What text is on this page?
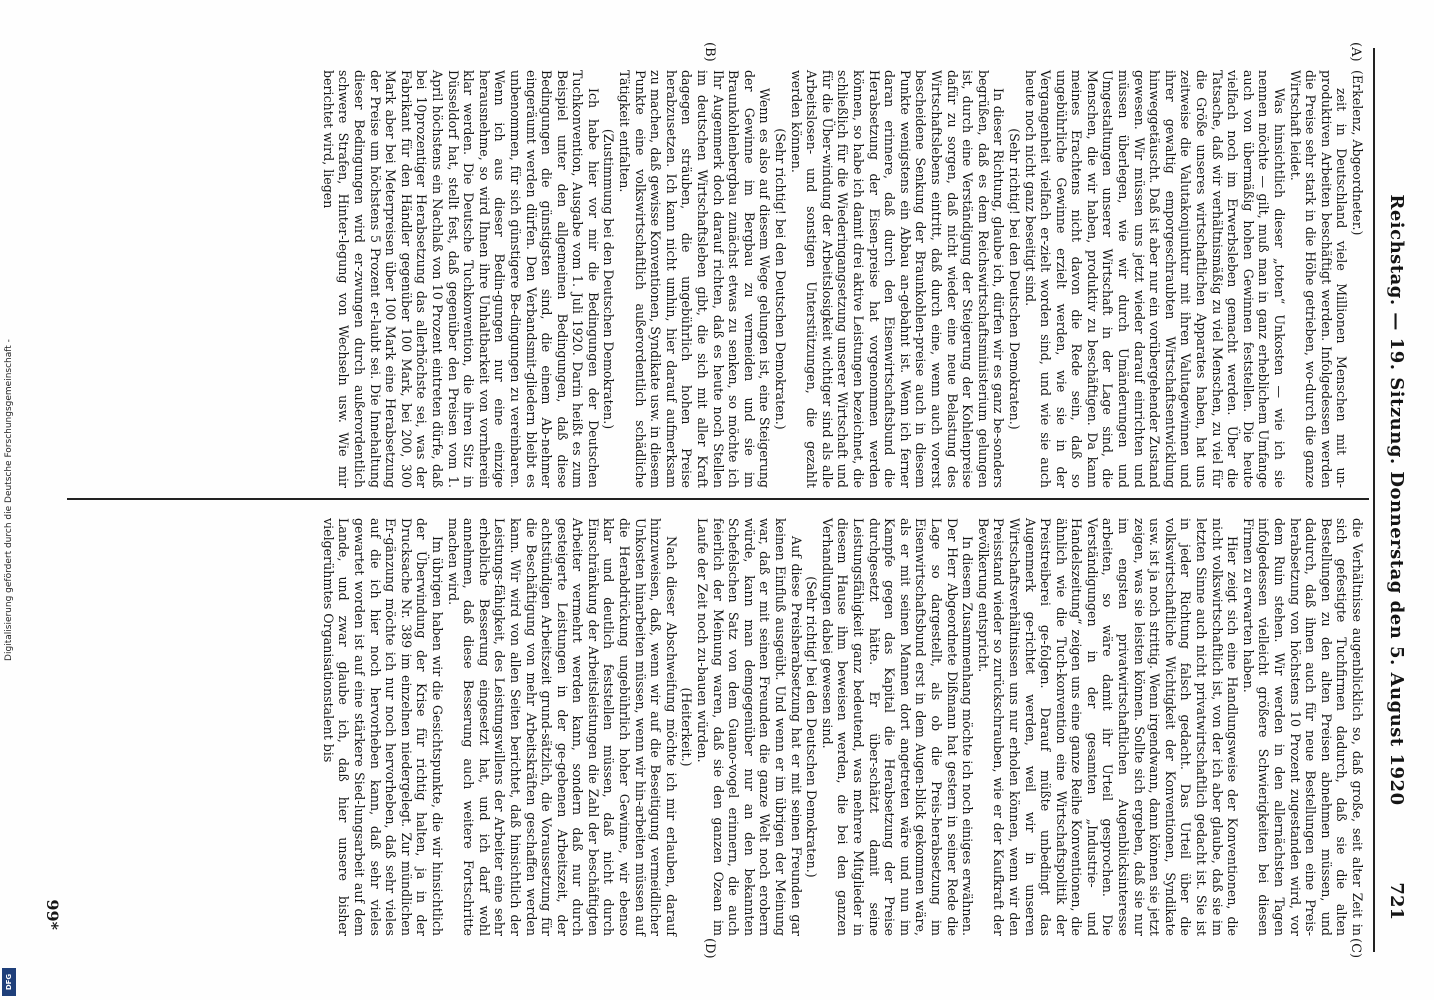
Digitalisierung gefördert durch die Deutsche Forschungsgemeinschaft -
DFG
Reichstag. — 19. Sitzung. Donnerstag den 5. August 1920
721
(A)
(B)
(C)
(D)

(Erkelenz, Abgeordneter.)

zeit in Deutschland viele Millionen Menschen mit un-produktiven Arbeiten beschäftigt werden. Infolgedessen werden die Preise sehr stark in die Höhe getrieben, wo-durch die ganze Wirtschaft leidet.

Was hinsichtlich dieser „toten“ Unkosten — wie ich sie nennen möchte — gilt, muß man in ganz erheblichem Umfange auch von übermäßig hohen Gewinnen feststellen. Die heute vielfach noch im Erwerbsleben gemacht werden. Über die Tatsache, daß wir verhältnismäßig zu viel Menschen, zu viel für die Größe unseres wirtschaftlichen Apparates haben, hat uns zeitweise die Valutakonjunktur mit ihren Valutagewinnen und ihrer gewaltig emporgeschraubten Wirtschaftsentwicklung hinweggetäuscht. Daß ist aber nur ein vorübergehender Zustand gewesen. Wir müssen uns jetzt wieder darauf einrichten und müssen überlegen, wie wir durch Umänderungen und Umgestaltungen unserer Wirtschaft in der Lage sind, die Menschen, die wir haben, produktiv zu beschäftigen. Da kann meines Erachtens nicht davon die Rede sein, daß so ungebührliche Gewinne erzielt werden, wie sie in der Vergangenheit vielfach er-zielt worden sind, und wie sie auch heute noch nicht ganz beseitigt sind.

(Sehr richtig! bei den Deutschen Demokraten.)

In dieser Richtung, glaube ich, dürfen wir es ganz be-sonders begrüßen, daß es dem Reichswirtschaftsministerium gelungen ist, durch eine Verständigung der Steigerung der Kohlenpreise dafür zu sorgen, daß nicht wieder eine neue Belastung des Wirtschaftslebens eintritt, daß durch eine, wenn auch vorerst bescheidene Senkung der Braunkohlen-preise auch in diesem Punkte wenigstens ein Abbau an-gebahnt ist. Wenn ich ferner daran erinnere, daß durch den Eisenwirtschaftsbund die Herabsetzung der Eisen-preise hat vorgenommen werden können, so habe ich damit drei aktive Leistungen bezeichnet, die schließlich für die Wiederingangsetzung unserer Wirtschaft und für die Über-windung der Arbeitslosigkeit wichtiger sind als alle Arbeitslosen- und sonstigen Unterstützungen, die gezahlt werden können.

(Sehr richtig! bei den Deutschen Demokraten.)

Wenn es also auf diesem Wege gelungen ist, eine Steigerung der Gewinne im Bergbau zu vermeiden und sie im Braunkohlenbergbau zunächst etwas zu senken, so möchte ich Ihr Augenmerk doch darauf richten, daß es heute noch Stellen im deutschen Wirtschaftsleben gibt, die sich mit aller Kraft dagegen sträuben, die ungebührlich hohen Preise herabzusetzen. Ich kann nicht umhin, hier darauf aufmerksam zu machen, daß gewisse Konventionen, Syndikate usw. in diesem Punkte eine volkswirtschaftlich außerordentlich schädliche Tätigkeit entfalten.

(Zustimmung bei den Deutschen Demokraten.)

Ich habe hier vor mir die Bedingungen der Deutschen Tuchkonvention, Ausgabe vom 1. Juli 1920. Darin heißt es zum Beispiel unter den allgemeinen Bedingungen, daß diese Bedingungen die günstigsten sind, die einem Ab-nehmer eingeräumt werden dürfen. Den Verbandsmit-gliedern bleibt es unbenommen, für sich günstigere Be-dingungen zu vereinbaren. Wenn ich aus dieser Bedin-gungen nur eine einzige herausnehme, so wird Ihnen ihre Unhaltbarkeit von vornherein klar werden. Die Deutsche Tuchkonvention, die ihren Sitz in Düsseldorf hat, stellt fest, daß gegenüber den Preisen vom 1. April höchstens ein Nachlaß von 10 Prozent eintreten dürfe, daß bei 10prozentiger Herabsetzung das allerhöchste sei, was der Fabrikant für den Händler gegenüber 100 Mark, bei 200, 300 Mark aber bei Meterpreisen über 100 Mark eine Herabsetzung der Preise um höchstens 5 Prozent er-laubt sei. Die Innehaltung dieser Bedingungen wird er-zwungen durch außerordentlich schwere Strafen, Hinter-legung von Wechseln usw. Wie mir berichtet wird, liegen

die Verhältnisse augenblicklich so, daß große, seit alter Zeit in sich gefestigte Tuchfirmen dadurch, daß sie die alten Bestellungen zu den alten Preisen abnehmen müssen, und dadurch, daß ihnen auch für neue Bestellungen eine Preis-herabsetzung von höchstens 10 Prozent zugestanden wird, vor dem Ruin stehen. Wir werden in den allernächsten Tagen infolgedessen vielleicht größere Schwierigkeiten bei diesen Firmen zu erwarten haben.

Hier zeigt sich eine Handlungsweise der Konventionen, die nicht volkswirtschaftlich ist, von der ich aber glaube, daß sie im letzten Sinne auch nicht privatwirtschaftlich gedacht ist. Sie ist in jeder Richtung falsch gedacht. Das Urteil über die volkswirtschaftliche Wichtigkeit der Konventionen, Syndikate usw. ist ja noch strittig. Wenn irgendwann, dann können sie jetzt zeigen, was sie leisten können. Sollte sich ergeben, daß sie nur im engsten privatwirtschaftlichen Augenblicksinteresse arbeiten, so wäre damit ihr Urteil gesprochen. Die Verständigungen in der gesamten „Industrie- und Handelszeitung“ zeigen uns eine ganze Reihe Konventionen, die ähnlich wie die Tuch-konvention eine Wirtschaftspolitik der Preistreiberei ge-folgen. Darauf müßte unbedingt das Augenmerk ge-richtet werden, weil wir in unseren Wirtschaftsverhältnissen uns nur erholen können, wenn wir den Preisstand wieder so zurückschrauben, wie er der Kaufkraft der Bevölkerung entspricht.

In diesem Zusammenhang möchte ich noch einiges erwähnen. Der Herr Abgeordnete Dißmann hat gestern in seiner Rede die Lage so dargestellt, als ob die Preis-herabsetzung im Eisenwirtschaftsbund erst in dem Augen-blick gekommen wäre, als er mit seinen Mannen dort angetreten wäre und nun im Kampfe gegen das Kapital die Herabsetzung der Preise durchgesetzt hätte. Er über-schätzt damit seine Leistungsfähigkeit ganz bedeutend, was mehrere Mitglieder in diesem Hause ihm beweisen werden, die bei den ganzen Verhandlungen dabei gewesen sind.

(Sehr richtig! bei den Deutschen Demokraten.)

Auf diese Preisherabsetzung hat er mit seinen Freunden gar keinen Einfluß ausgeübt. Und wenn er im übrigen der Meinung war, daß er mit seinen Freunden die ganze Welt noch erobern würde, kann man demgegenüber nur an den bekannten Schefelschen Satz von dem Guano-vogel erinnern, die auch feierlich der Meinung waren, daß sie den ganzen Ozean im Laufe der Zeit noch zu-bauen würden.

(Heiterkeit.)

Nach dieser Abschweifung möchte ich mir erlauben, darauf hinzuweisen, daß, wenn wir auf die Beseitigung vermeidlicher Unkosten hinarbeiten müssen, wenn wir hin-arbeiten müssen auf die Herabdrückung ungebührlich hoher Gewinne, wir ebenso klar und deutlich feststellen müssen, daß nicht durch Einschränkung der Arbeitsleistungen die Zahl der beschäftigten Arbeiter vermehrt werden kann, sondern daß nur durch gesteigerte Leistungen in der ge-gebenen Arbeitszeit, der achtstündigen Arbeitszeit grund-sätzlich, die Voraussetzung für die Beschäftigung von mehr Arbeitskräften geschaffen werden kann. Wir wird von allen Seiten berichtet, daß hinsichtlich der Leistungs-fähigkeit, des Leistungswillens der Arbeiter eine sehr erhebliche Besserung eingesetzt hat, und ich darf wohl annehmen, daß diese Besserung auch weitere Fortschritte machen wird.

Im übrigen haben wir die Gesichtspunkte, die wir hinsichtlich der Überwindung der Krise für richtig halten, ja in der Drucksache Nr. 389 im einzelnen niedergelegt. Zur mündlichen Er-gänzung möchte ich nur noch hervorheben, daß sehr vieles auf die ich hier noch hervorheben kann, daß sehr vieles gewartet worden ist auf eine stärkere Sied-lungsarbeit auf dem Lande, und zwar glaube ich, daß hier unsere bisher vielgerühmtes Organisationstalent bis

99*
